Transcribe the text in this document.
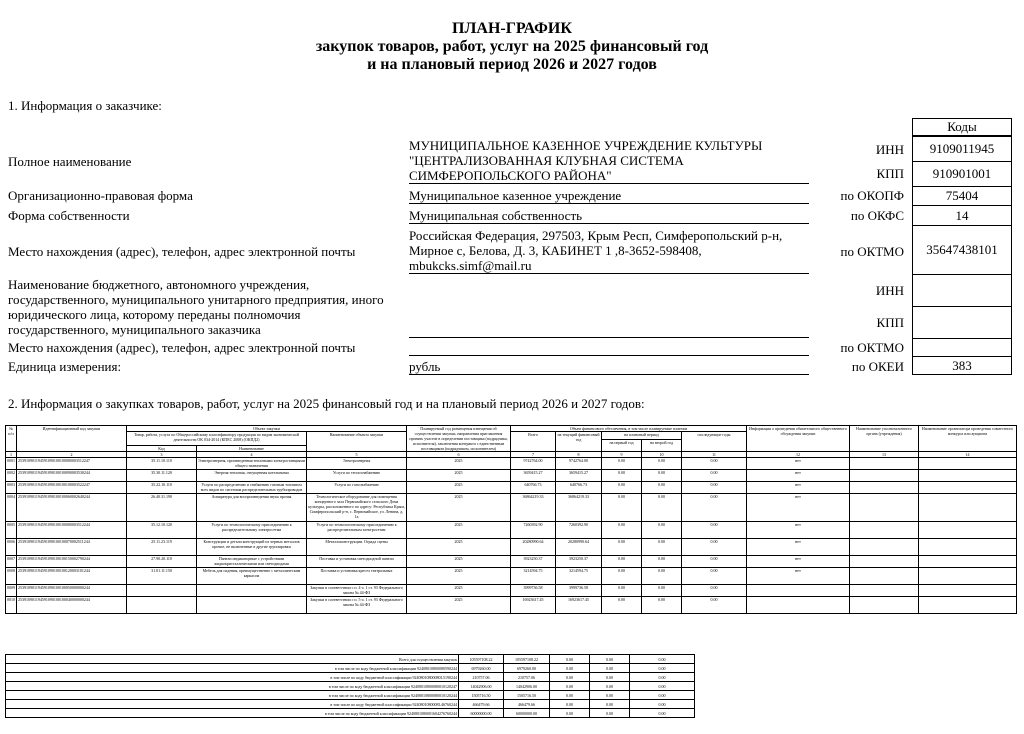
ПЛАН-ГРАФИК
закупок товаров, работ, услуг на 2025 финансовый год
и на плановый период 2026 и 2027 годов
1. Информация о заказчике:
Коды
Полное наименование
МУНИЦИПАЛЬНОЕ КАЗЕННОЕ УЧРЕЖДЕНИЕ КУЛЬТУРЫ "ЦЕНТРАЛИЗОВАННАЯ КЛУБНАЯ СИСТЕМА СИМФЕРОПОЛЬСКОГО РАЙОНА"
ИНН	9109011945
КПП	910901001
Организационно-правовая форма	Муниципальное казенное учреждение	по ОКОПФ	75404
Форма собственности	Муниципальная собственность	по ОКФС	14
Место нахождения (адрес), телефон, адрес электронной почты
Российская Федерация, 297503, Крым Респ, Симферопольский р-н, Мирное с, Белова, Д. 3, КАБИНЕТ 1 ,8-3652-598408, mbukcks.simf@mail.ru
по ОКТМО	35647438101
Наименование бюджетного, автономного учреждения, государственного, муниципального унитарного предприятия, иного юридического лица, которому переданы полномочия государственного, муниципального заказчика
ИНН
КПП
Место нахождения (адрес), телефон, адрес электронной почты	по ОКТМО
Единица измерения:	рубль	по ОКЕИ	383
2. Информация о закупках товаров, работ, услуг на 2025 финансовый год и на плановый период 2026 и 2027 годов:
№ п/п	Идентификационный код закупки	Объект закупки			Планируемый год размещения извещения об осуществлении закупки, направления приглашения принять участие в определении поставщика (подрядчика, исполнителя), заключения контракта с единственным поставщиком (подрядчиком, исполнителем)	Объем финансового обеспечения, в том числе планируемые платежи					Информация о проведении обязательного общественного обсуждения закупки	Наименование уполномоченного органа (учреждения)	Наименование организатора проведения совместного конкурса или аукциона
		Товар, работа, услуга по Общероссийскому классификатору продукции по видам экономической деятельности ОК 034-2014 (КПЕС 2008) (ОКПД2)		Наименование объекта закупки		Всего	на текущий финансовый год	на плановый период		последующие годы			
								на первый год	на второй год				
		Код	Наименование										
1	2	3	4	5	6	7	8	9	10	11	12	13	14
0001	253910901194591090100100080003512247	35.11.10.110	Электроэнергия, произведенная тепловыми электростанциями общего назначения	Электроэнергия	2025	9742764.00	9742764.00	0.00	0.00	0.00	нет		
0002	253910901194591090100100090003530244	35.30.11.120	Энергия тепловая, отпущенная котельными	Услуги по теплоснабжению	2025	3659415.27	3659415.27	0.00	0.00	0.00	нет		
0003	253910901194591090100100100003522247	35.22.10.110	Услуги по распределению и снабжению газовым топливом всех видов по системам распределительных трубопроводов	Услуги по газоснабжению	2025	640766.73	640766.73	0.00	0.00	0.00	нет		
0004	253910901194591090100100060002640244	26.40.31.190	Аппаратура для воспроизведения звука прочая	Технологическое оборудование для помещения концертного зала Первомайского сельского Дома культуры, расположенного по адресу: Республика Крым, Симферопольский р-н, с. Первомайское, ул. Ленина, д. 1а	2025	36864219.33	36864219.33	0.00	0.00	0.00	нет		
0005	253910901194591090100100080003512244	35.12.10.120	Услуги по технологическому присоединению к распределительному электросетям	Услуги по технологическому присоединению к распределительным электросетям	2025	7260392.90	7260392.90	0.00	0.00	0.00	нет		
0006	253910901194591090100100070002511244	25.11.23.119	Конструкции и детали конструкций из черных металлов прочие, не включенные в другие группировки	Металлоконструкции. Ограда сцены	2025	20280990.64	20280990.64	0.00	0.00	0.00	нет		
0007	253910901194591090100100150002790244	27.90.20.110	Панели индикаторные с устройствами жидкокристаллическими или светодиодами	Поставка и установка светодиодной панели	2025	3923250.37	3923250.37	0.00	0.00	0.00	нет		
0008	253910901194591090100100120003101244	31.01.11.150	Мебель для сидения, преимущественно с металлическим каркасом	Поставка и установка кресел театральных	2025	3214594.75	3214594.75	0.00	0.00	0.00	нет		
0009	253910901194591090100100050000000244			Закупки в соответствии с п. 4 ч. 1 ст. 93 Федерального закона № 44-ФЗ	2025	3999736.58	3999736.58	0.00	0.00	0.00			
0010	253910901194591090100100040000000244			Закупки в соответствии с п. 5 ч. 1 ст. 93 Федерального закона № 44-ФЗ	2025	16923617.45	16923617.45	0.00	0.00	0.00			
Всего для осуществления закупок	105597108.22	105597108.22	0.00	0.00	0.00
в том числе по коду бюджетной классификации 92408010800080590244	6979260.00	6979260.00	0.00	0.00	0.00
в том числе по коду бюджетной классификации 92408010800080L5190244	210757.06	210757.06	0.00	0.00	0.00
в том числе по коду бюджетной классификации 92408010800080010120247	14042906.00	14042906.00	0.00	0.00	0.00
в том числе по коду бюджетной классификации 92408010800080010120244	1505716.50	1505716.50	0.00	0.00	0.00
в том числе по коду бюджетной классификации 9240801080008L46760244	466479.66	466479.66	0.00	0.00	0.00
в том числе по коду бюджетной классификации 9240801080001604276760244	60000000.00	60000000.00	0.00	0.00	0.00
